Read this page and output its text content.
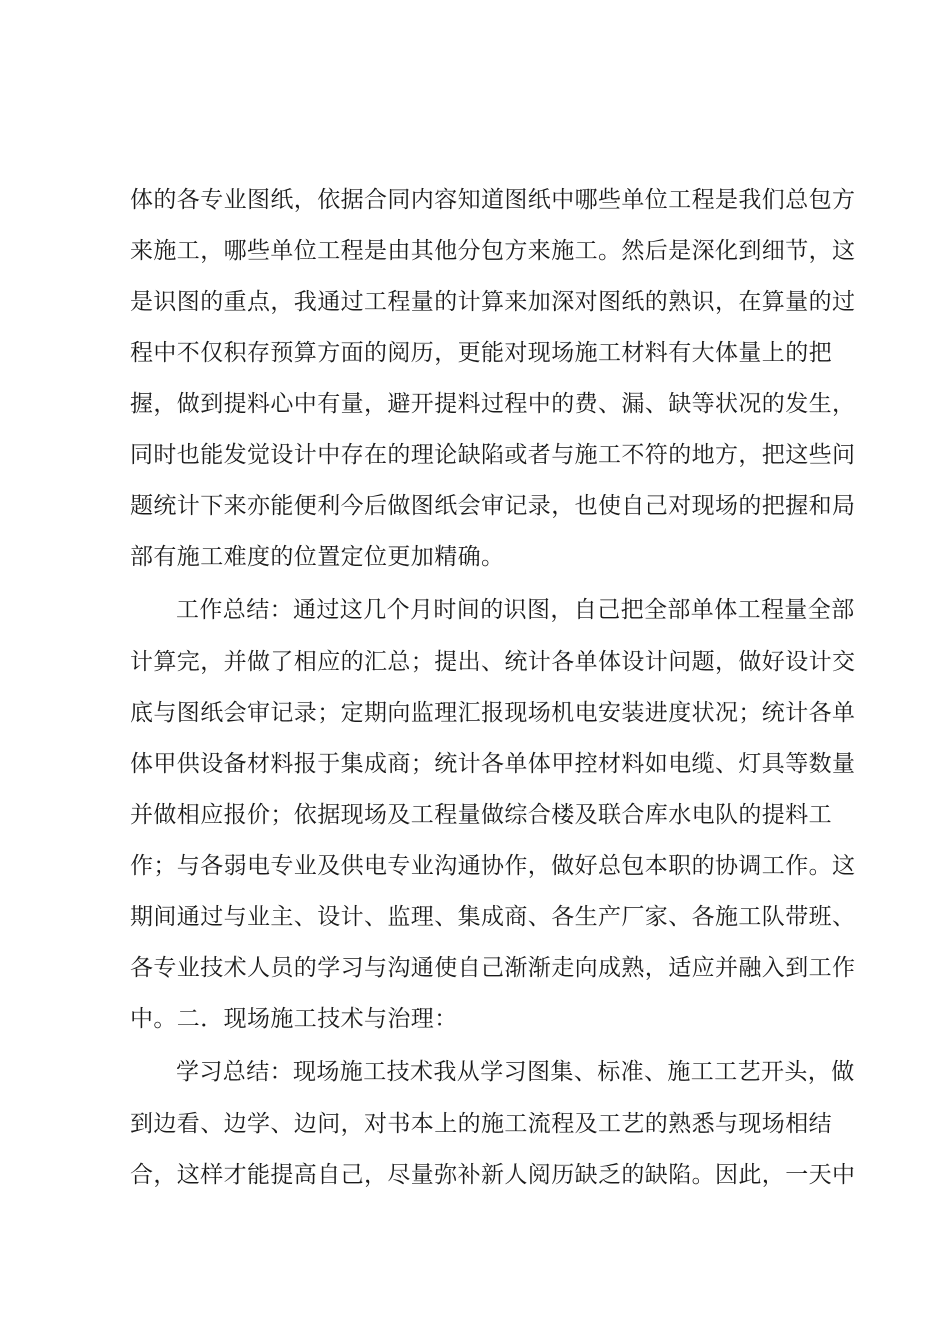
体的各专业图纸，依据合同内容知道图纸中哪些单位工程是我们总包方
来施工，哪些单位工程是由其他分包方来施工。然后是深化到细节，这
是识图的重点，我通过工程量的计算来加深对图纸的熟识，在算量的过
程中不仅积存预算方面的阅历，更能对现场施工材料有大体量上的把
握，做到提料心中有量，避开提料过程中的费、漏、缺等状况的发生，
同时也能发觉设计中存在的理论缺陷或者与施工不符的地方，把这些问
题统计下来亦能便利今后做图纸会审记录，也使自己对现场的把握和局
部有施工难度的位置定位更加精确。
工作总结：通过这几个月时间的识图，自己把全部单体工程量全部
计算完，并做了相应的汇总；提出、统计各单体设计问题，做好设计交
底与图纸会审记录；定期向监理汇报现场机电安装进度状况；统计各单
体甲供设备材料报于集成商；统计各单体甲控材料如电缆、灯具等数量
并做相应报价；依据现场及工程量做综合楼及联合库水电队的提料工
作；与各弱电专业及供电专业沟通协作，做好总包本职的协调工作。这
期间通过与业主、设计、监理、集成商、各生产厂家、各施工队带班、
各专业技术人员的学习与沟通使自己渐渐走向成熟，适应并融入到工作
中。二．现场施工技术与治理：
学习总结：现场施工技术我从学习图集、标准、施工工艺开头，做
到边看、边学、边问，对书本上的施工流程及工艺的熟悉与现场相结
合，这样才能提高自己，尽量弥补新人阅历缺乏的缺陷。因此，一天中
